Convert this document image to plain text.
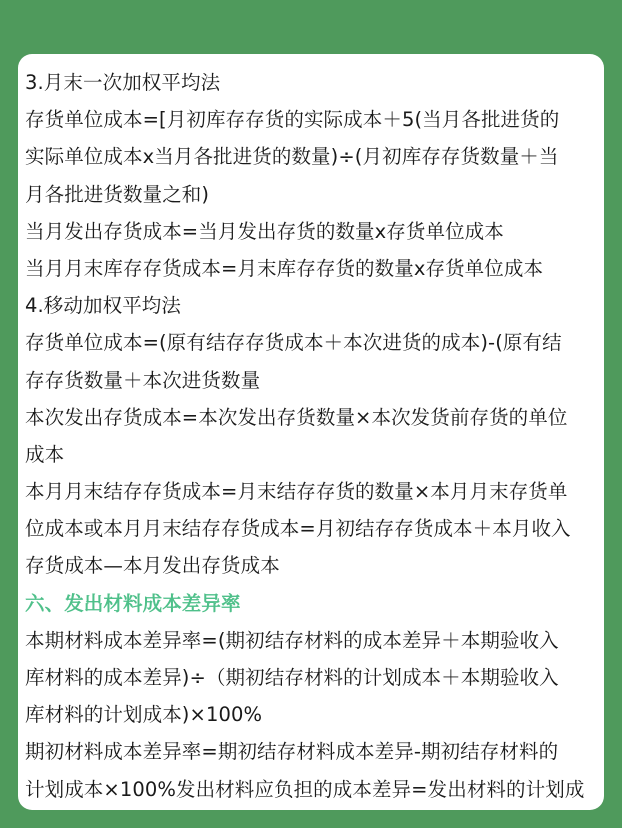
3.月末一次加权平均法
存货单位成本=[月初库存存货的实际成本＋5(当月各批进货的
实际单位成本x当月各批进货的数量)÷(月初库存存货数量＋当
月各批进货数量之和)
当月发出存货成本=当月发出存货的数量x存货单位成本
当月月末库存存货成本=月末库存存货的数量x存货单位成本
4.移动加权平均法
存货单位成本=(原有结存存货成本＋本次进货的成本)-(原有结
存存货数量＋本次进货数量
本次发出存货成本=本次发出存货数量×本次发货前存货的单位
成本
本月月末结存存货成本=月末结存存货的数量×本月月末存货单
位成本或本月月末结存存货成本=月初结存存货成本＋本月收入
存货成本—本月发出存货成本
六、发出材料成本差异率
本期材料成本差异率=(期初结存材料的成本差异＋本期验收入
库材料的成本差异)÷（期初结存材料的计划成本＋本期验收入
库材料的计划成本)×100%
期初材料成本差异率=期初结存材料成本差异-期初结存材料的
计划成本×100%发出材料应负担的成本差异=发出材料的计划成
